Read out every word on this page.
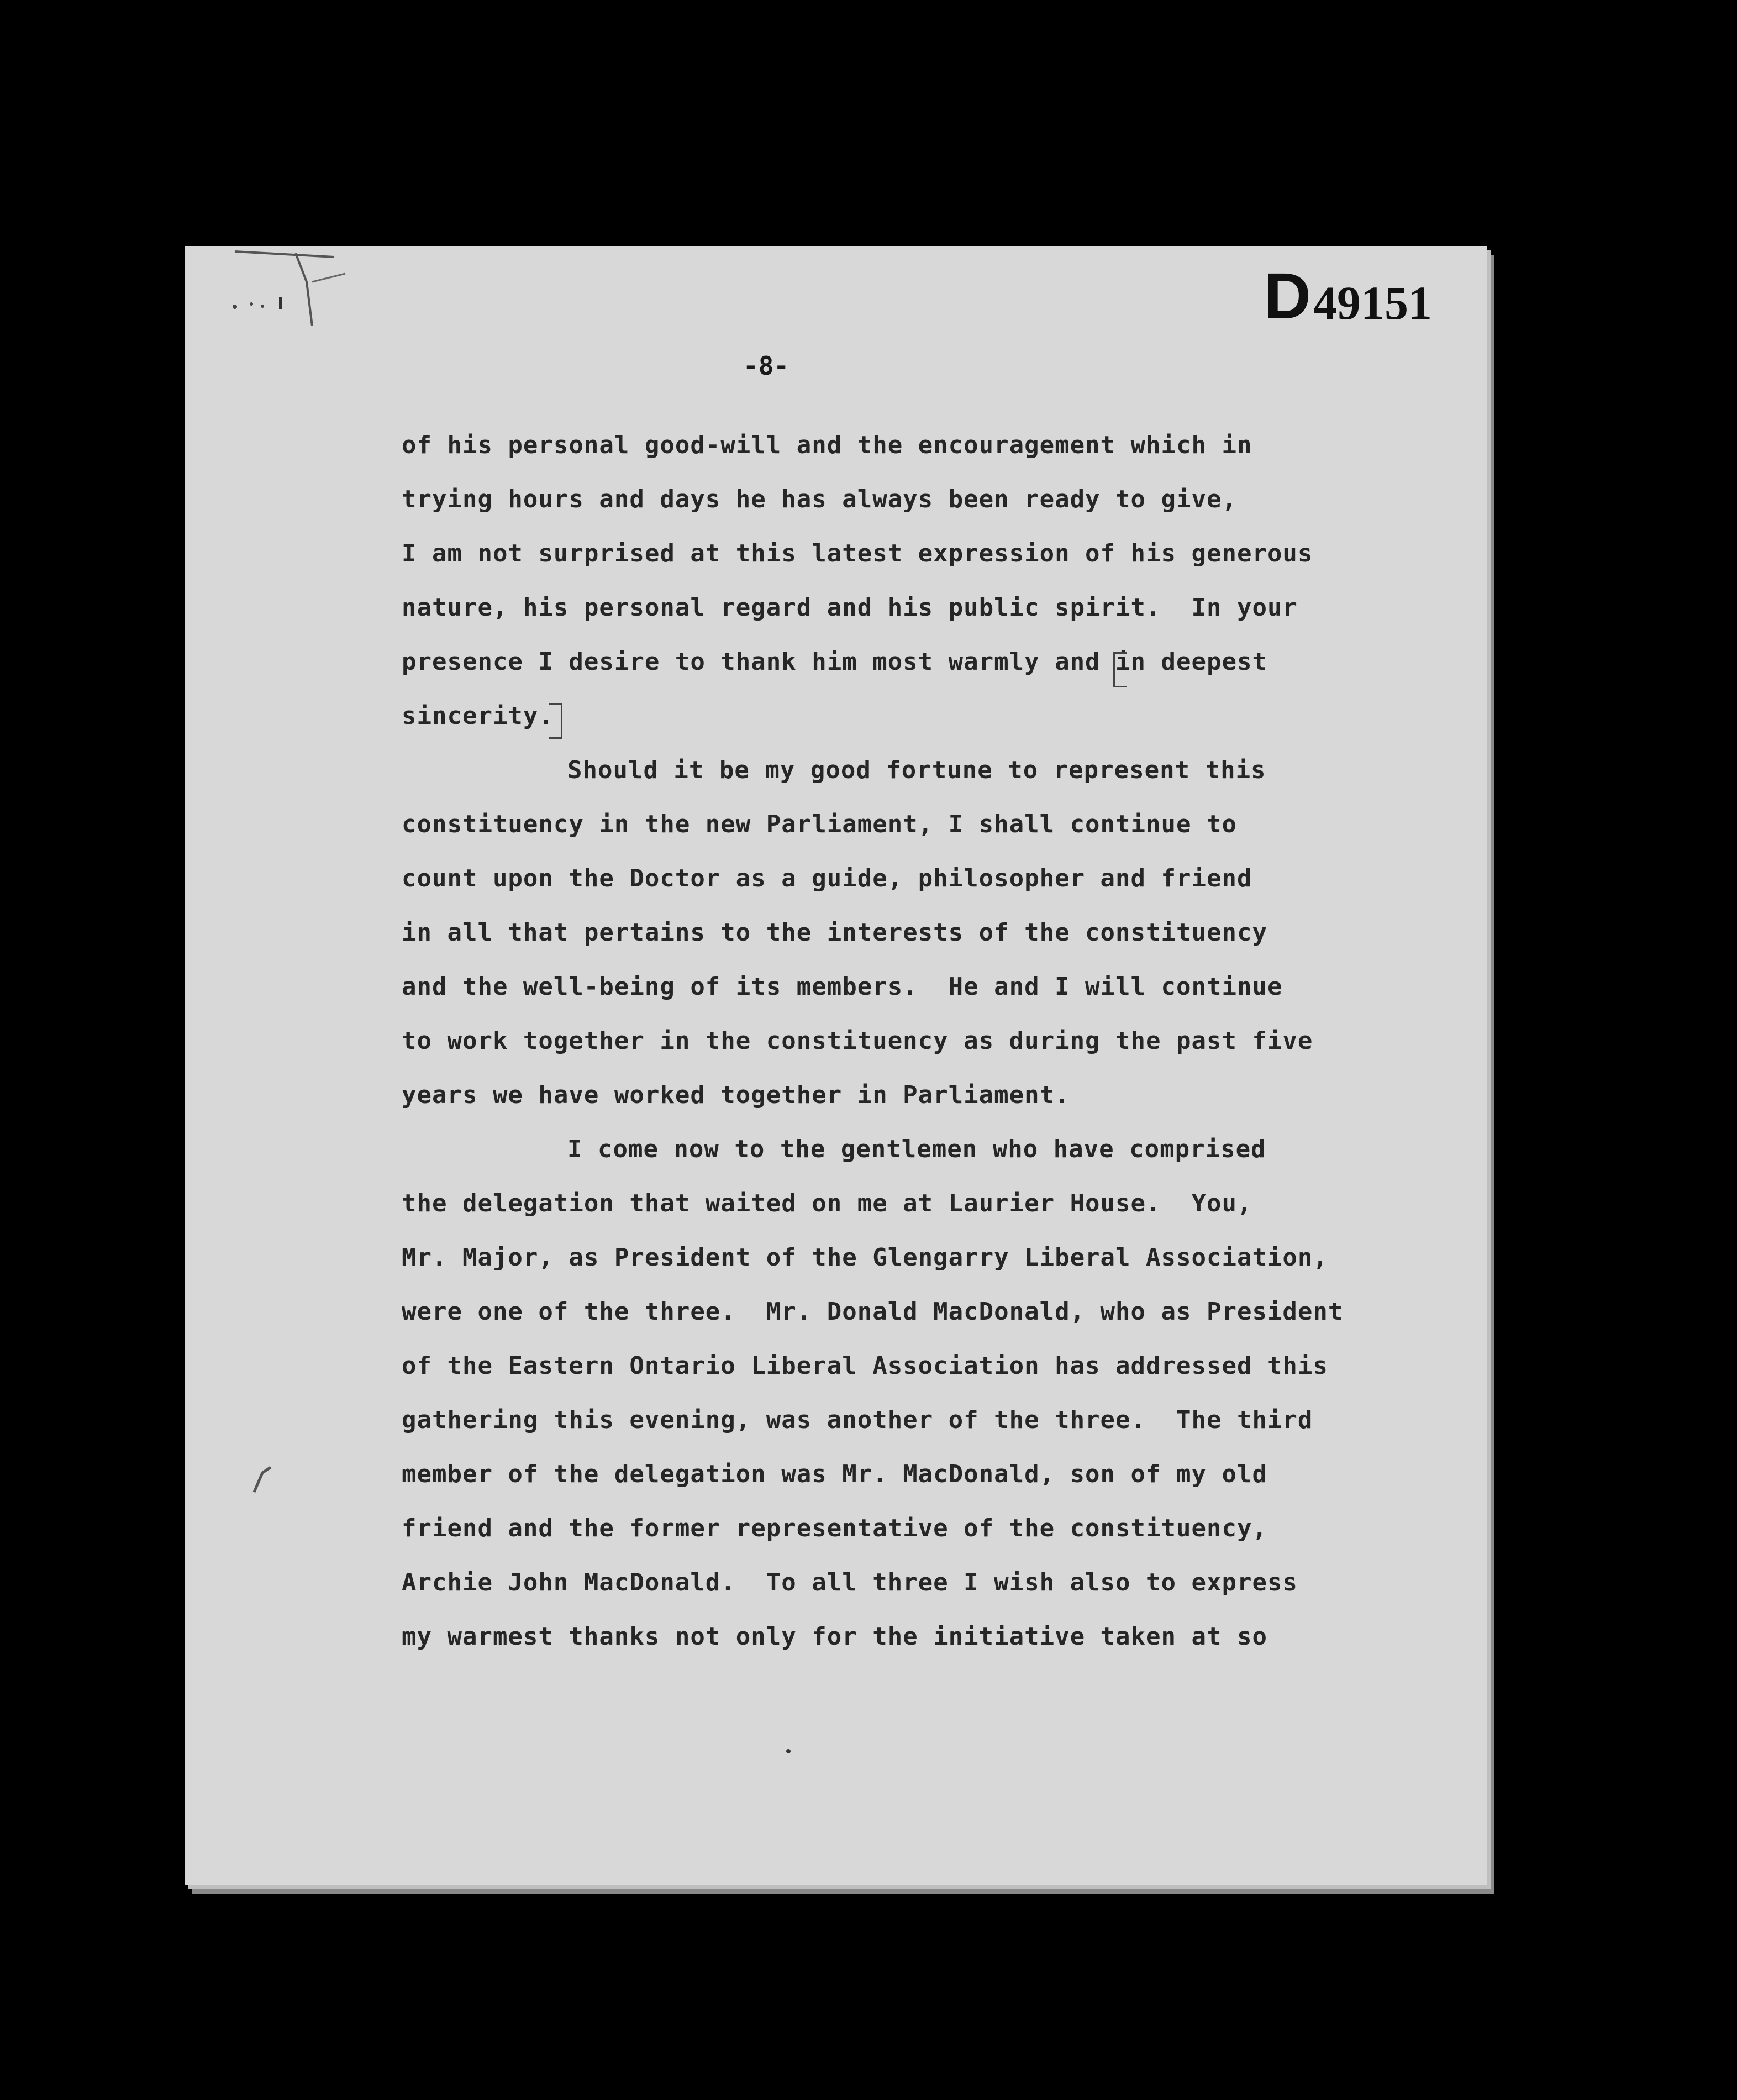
D 49151
-8-
of his personal good-will and the encouragement which in
trying hours and days he has always been ready to give,
I am not surprised at this latest expression of his generous
nature, his personal regard and his public spirit.  In your
presence I desire to thank him most warmly and in deepest
sincerity.
Should it be my good fortune to represent this
constituency in the new Parliament, I shall continue to
count upon the Doctor as a guide, philosopher and friend
in all that pertains to the interests of the constituency
and the well-being of its members.  He and I will continue
to work together in the constituency as during the past five
years we have worked together in Parliament.
I come now to the gentlemen who have comprised
the delegation that waited on me at Laurier House.  You,
Mr. Major, as President of the Glengarry Liberal Association,
were one of the three.  Mr. Donald MacDonald, who as President
of the Eastern Ontario Liberal Association has addressed this
gathering this evening, was another of the three.  The third
member of the delegation was Mr. MacDonald, son of my old
friend and the former representative of the constituency,
Archie John MacDonald.  To all three I wish also to express
my warmest thanks not only for the initiative taken at so
